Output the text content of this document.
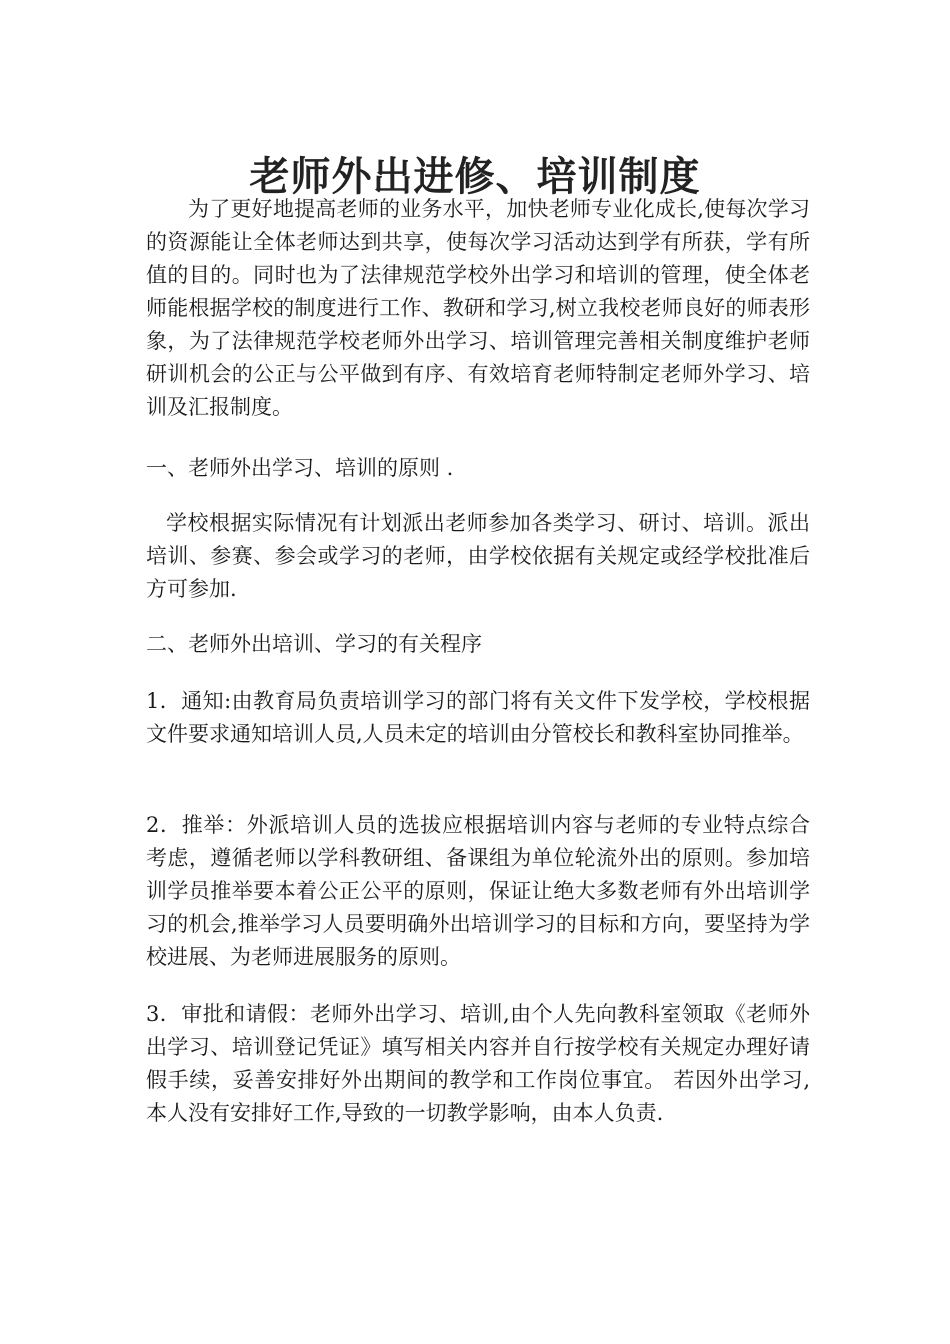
老师外出进修、培训制度

为了更好地提高老师的业务水平，加快老师专业化成长,使每次学习的资源能让全体老师达到共享，使每次学习活动达到学有所获，学有所值的目的。同时也为了法律规范学校外出学习和培训的管理，使全体老师能根据学校的制度进行工作、教研和学习,树立我校老师良好的师表形象，为了法律规范学校老师外出学习、培训管理完善相关制度维护老师研训机会的公正与公平做到有序、有效培育老师特制定老师外学习、培训及汇报制度。

一、老师外出学习、培训的原则 .

学校根据实际情况有计划派出老师参加各类学习、研讨、培训。派出培训、参赛、参会或学习的老师，由学校依据有关规定或经学校批准后方可参加.

二、老师外出培训、学习的有关程序

1．通知:由教育局负责培训学习的部门将有关文件下发学校，学校根据文件要求通知培训人员,人员未定的培训由分管校长和教科室协同推举。

2．推举：外派培训人员的选拔应根据培训内容与老师的专业特点综合考虑，遵循老师以学科教研组、备课组为单位轮流外出的原则。参加培训学员推举要本着公正公平的原则，保证让绝大多数老师有外出培训学习的机会,推举学习人员要明确外出培训学习的目标和方向，要坚持为学校进展、为老师进展服务的原则。

3．审批和请假：老师外出学习、培训,由个人先向教科室领取《老师外出学习、培训登记凭证》填写相关内容并自行按学校有关规定办理好请假手续，妥善安排好外出期间的教学和工作岗位事宜。 若因外出学习,本人没有安排好工作,导致的一切教学影响，由本人负责.
